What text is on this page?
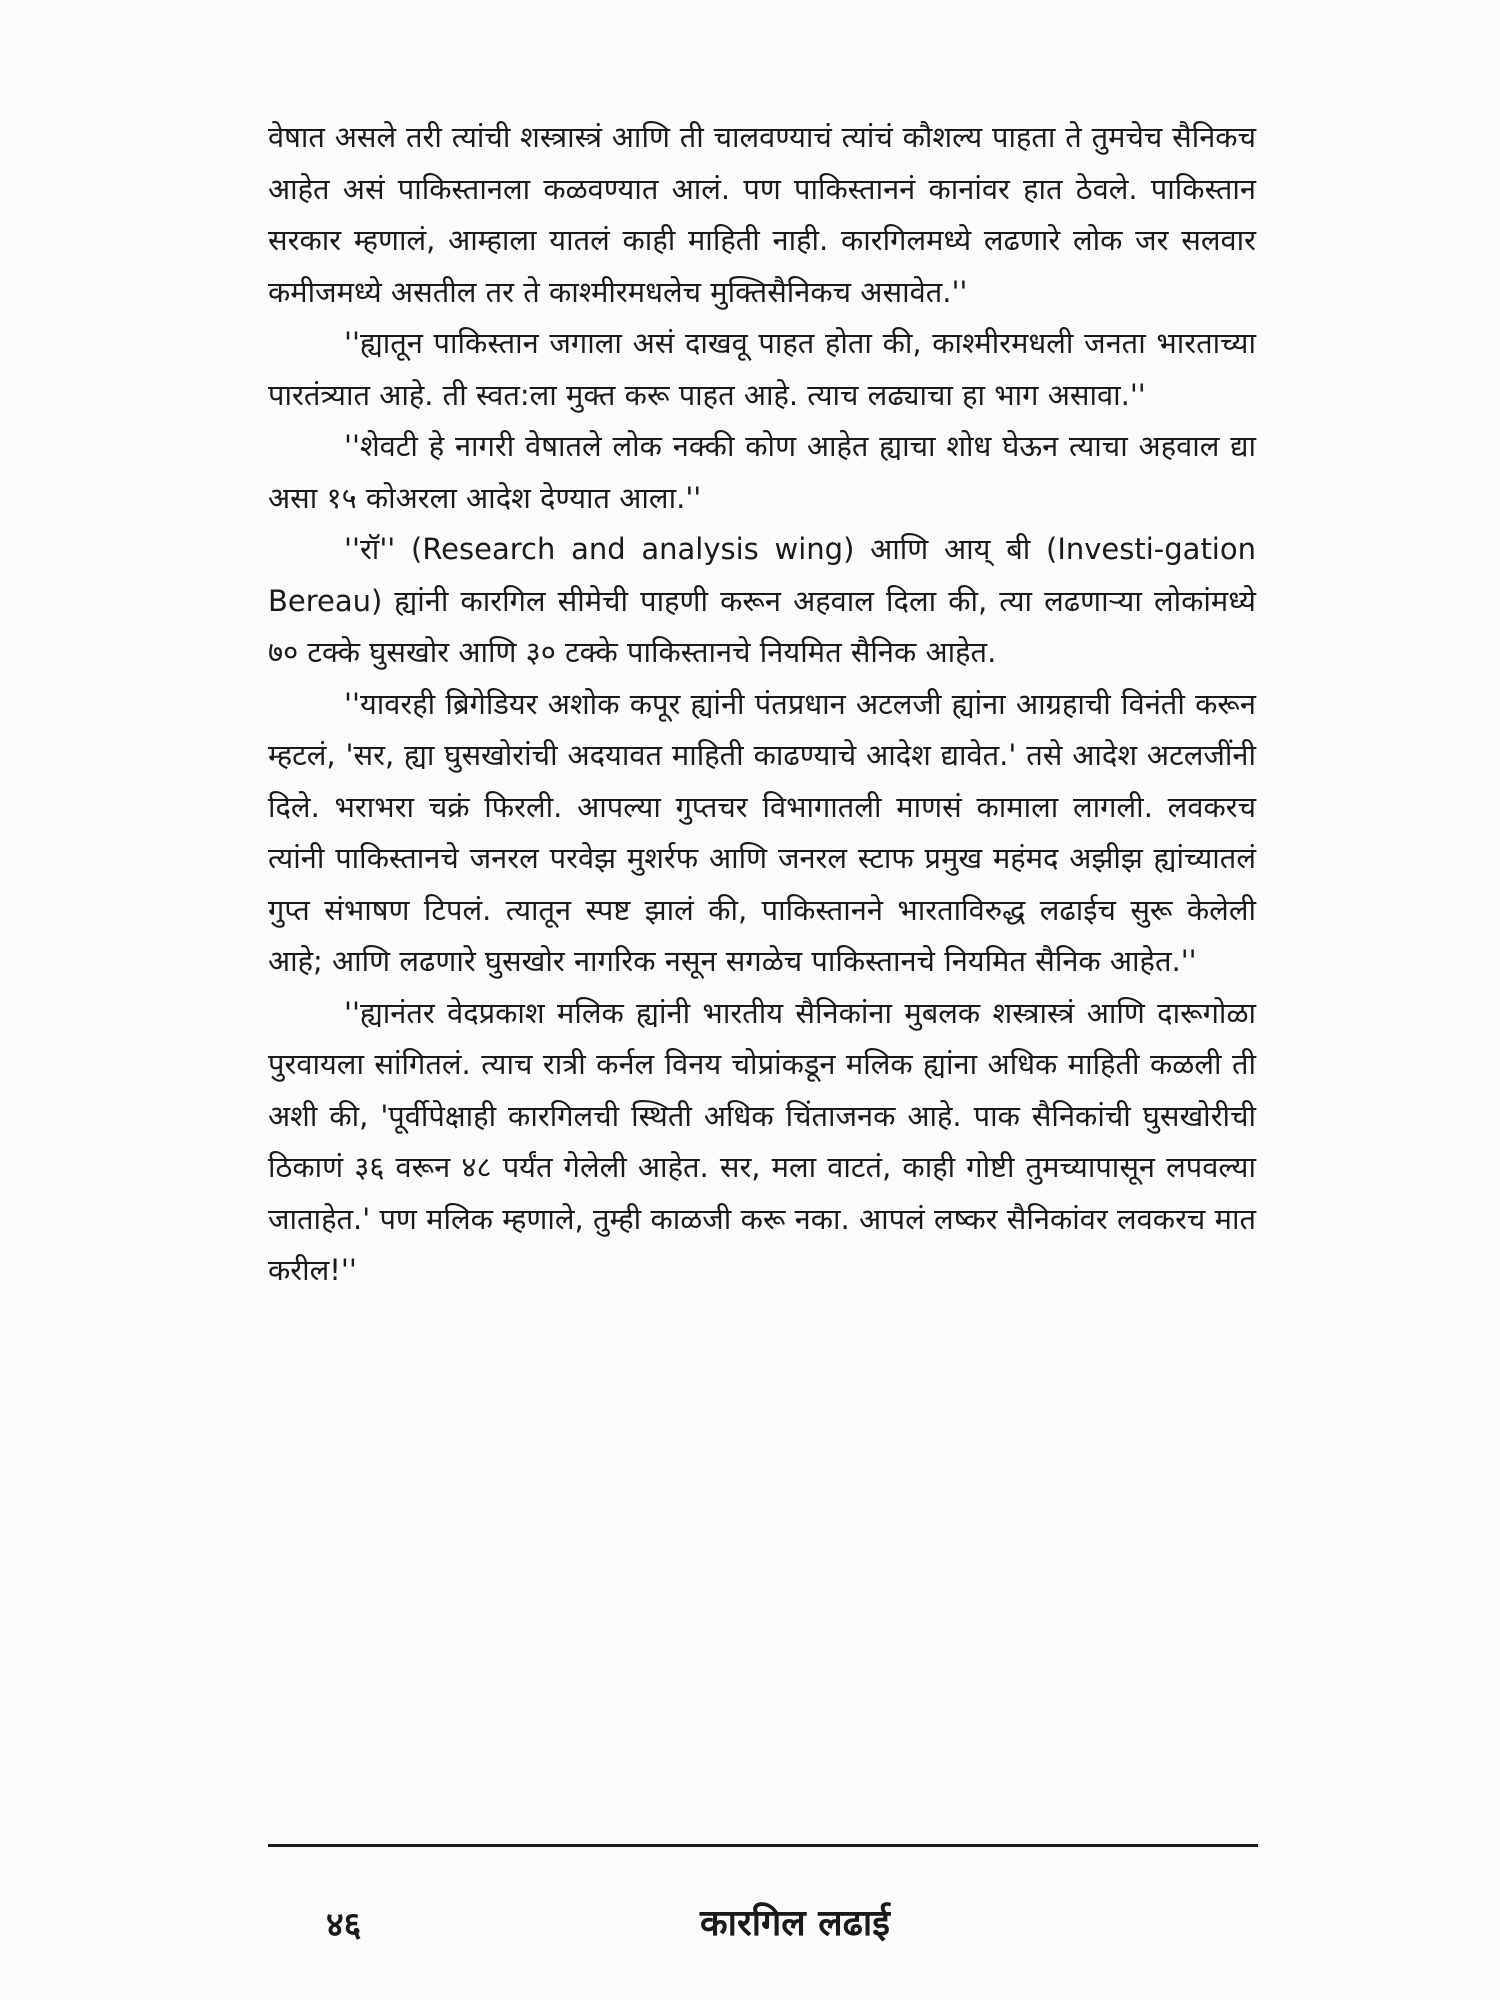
वेषात असले तरी त्यांची शस्त्रास्त्रं आणि ती चालवण्याचं त्यांचं कौशल्य पाहता ते तुमचेच सैनिकच आहेत असं पाकिस्तानला कळवण्यात आलं. पण पाकिस्ताननं कानांवर हात ठेवले. पाकिस्तान सरकार म्हणालं, आम्हाला यातलं काही माहिती नाही. कारगिलमध्ये लढणारे लोक जर सलवार कमीजमध्ये असतील तर ते काश्मीरमधलेच मुक्तिसैनिकच असावेत.''

''ह्यातून पाकिस्तान जगाला असं दाखवू पाहत होता की, काश्मीरमधली जनता भारताच्या पारतंत्र्यात आहे. ती स्वत:ला मुक्त करू पाहत आहे. त्याच लढ्याचा हा भाग असावा.''

''शेवटी हे नागरी वेषातले लोक नक्की कोण आहेत ह्याचा शोध घेऊन त्याचा अहवाल द्या असा १५ कोअरला आदेश देण्यात आला.''

''रॉ'' (Research and analysis wing) आणि आय् बी (Investi-gation Bereau) ह्यांनी कारगिल सीमेची पाहणी करून अहवाल दिला की, त्या लढणाऱ्या लोकांमध्ये ७० टक्के घुसखोर आणि ३० टक्के पाकिस्तानचे नियमित सैनिक आहेत.

''यावरही ब्रिगेडियर अशोक कपूर ह्यांनी पंतप्रधान अटलजी ह्यांना आग्रहाची विनंती करून म्हटलं, 'सर, ह्या घुसखोरांची अदयावत माहिती काढण्याचे आदेश द्यावेत.' तसे आदेश अटलजींनी दिले. भराभरा चक्रं फिरली. आपल्या गुप्तचर विभागातली माणसं कामाला लागली. लवकरच त्यांनी पाकिस्तानचे जनरल परवेझ मुशर्रफ आणि जनरल स्टाफ प्रमुख महंमद अझीझ ह्यांच्यातलं गुप्त संभाषण टिपलं. त्यातून स्पष्ट झालं की, पाकिस्तानने भारताविरुद्ध लढाईच सुरू केलेली आहे; आणि लढणारे घुसखोर नागरिक नसून सगळेच पाकिस्तानचे नियमित सैनिक आहेत.''

''ह्यानंतर वेदप्रकाश मलिक ह्यांनी भारतीय सैनिकांना मुबलक शस्त्रास्त्रं आणि दारूगोळा पुरवायला सांगितलं. त्याच रात्री कर्नल विनय चोप्रांकडून मलिक ह्यांना अधिक माहिती कळली ती अशी की, 'पूर्वीपेक्षाही कारगिलची स्थिती अधिक चिंताजनक आहे. पाक सैनिकांची घुसखोरीची ठिकाणं ३६ वरून ४८ पर्यंत गेलेली आहेत. सर, मला वाटतं, काही गोष्टी तुमच्यापासून लपवल्या जाताहेत.' पण मलिक म्हणाले, तुम्ही काळजी करू नका. आपलं लष्कर सैनिकांवर लवकरच मात करील!''

४६	कारगिल लढाई
